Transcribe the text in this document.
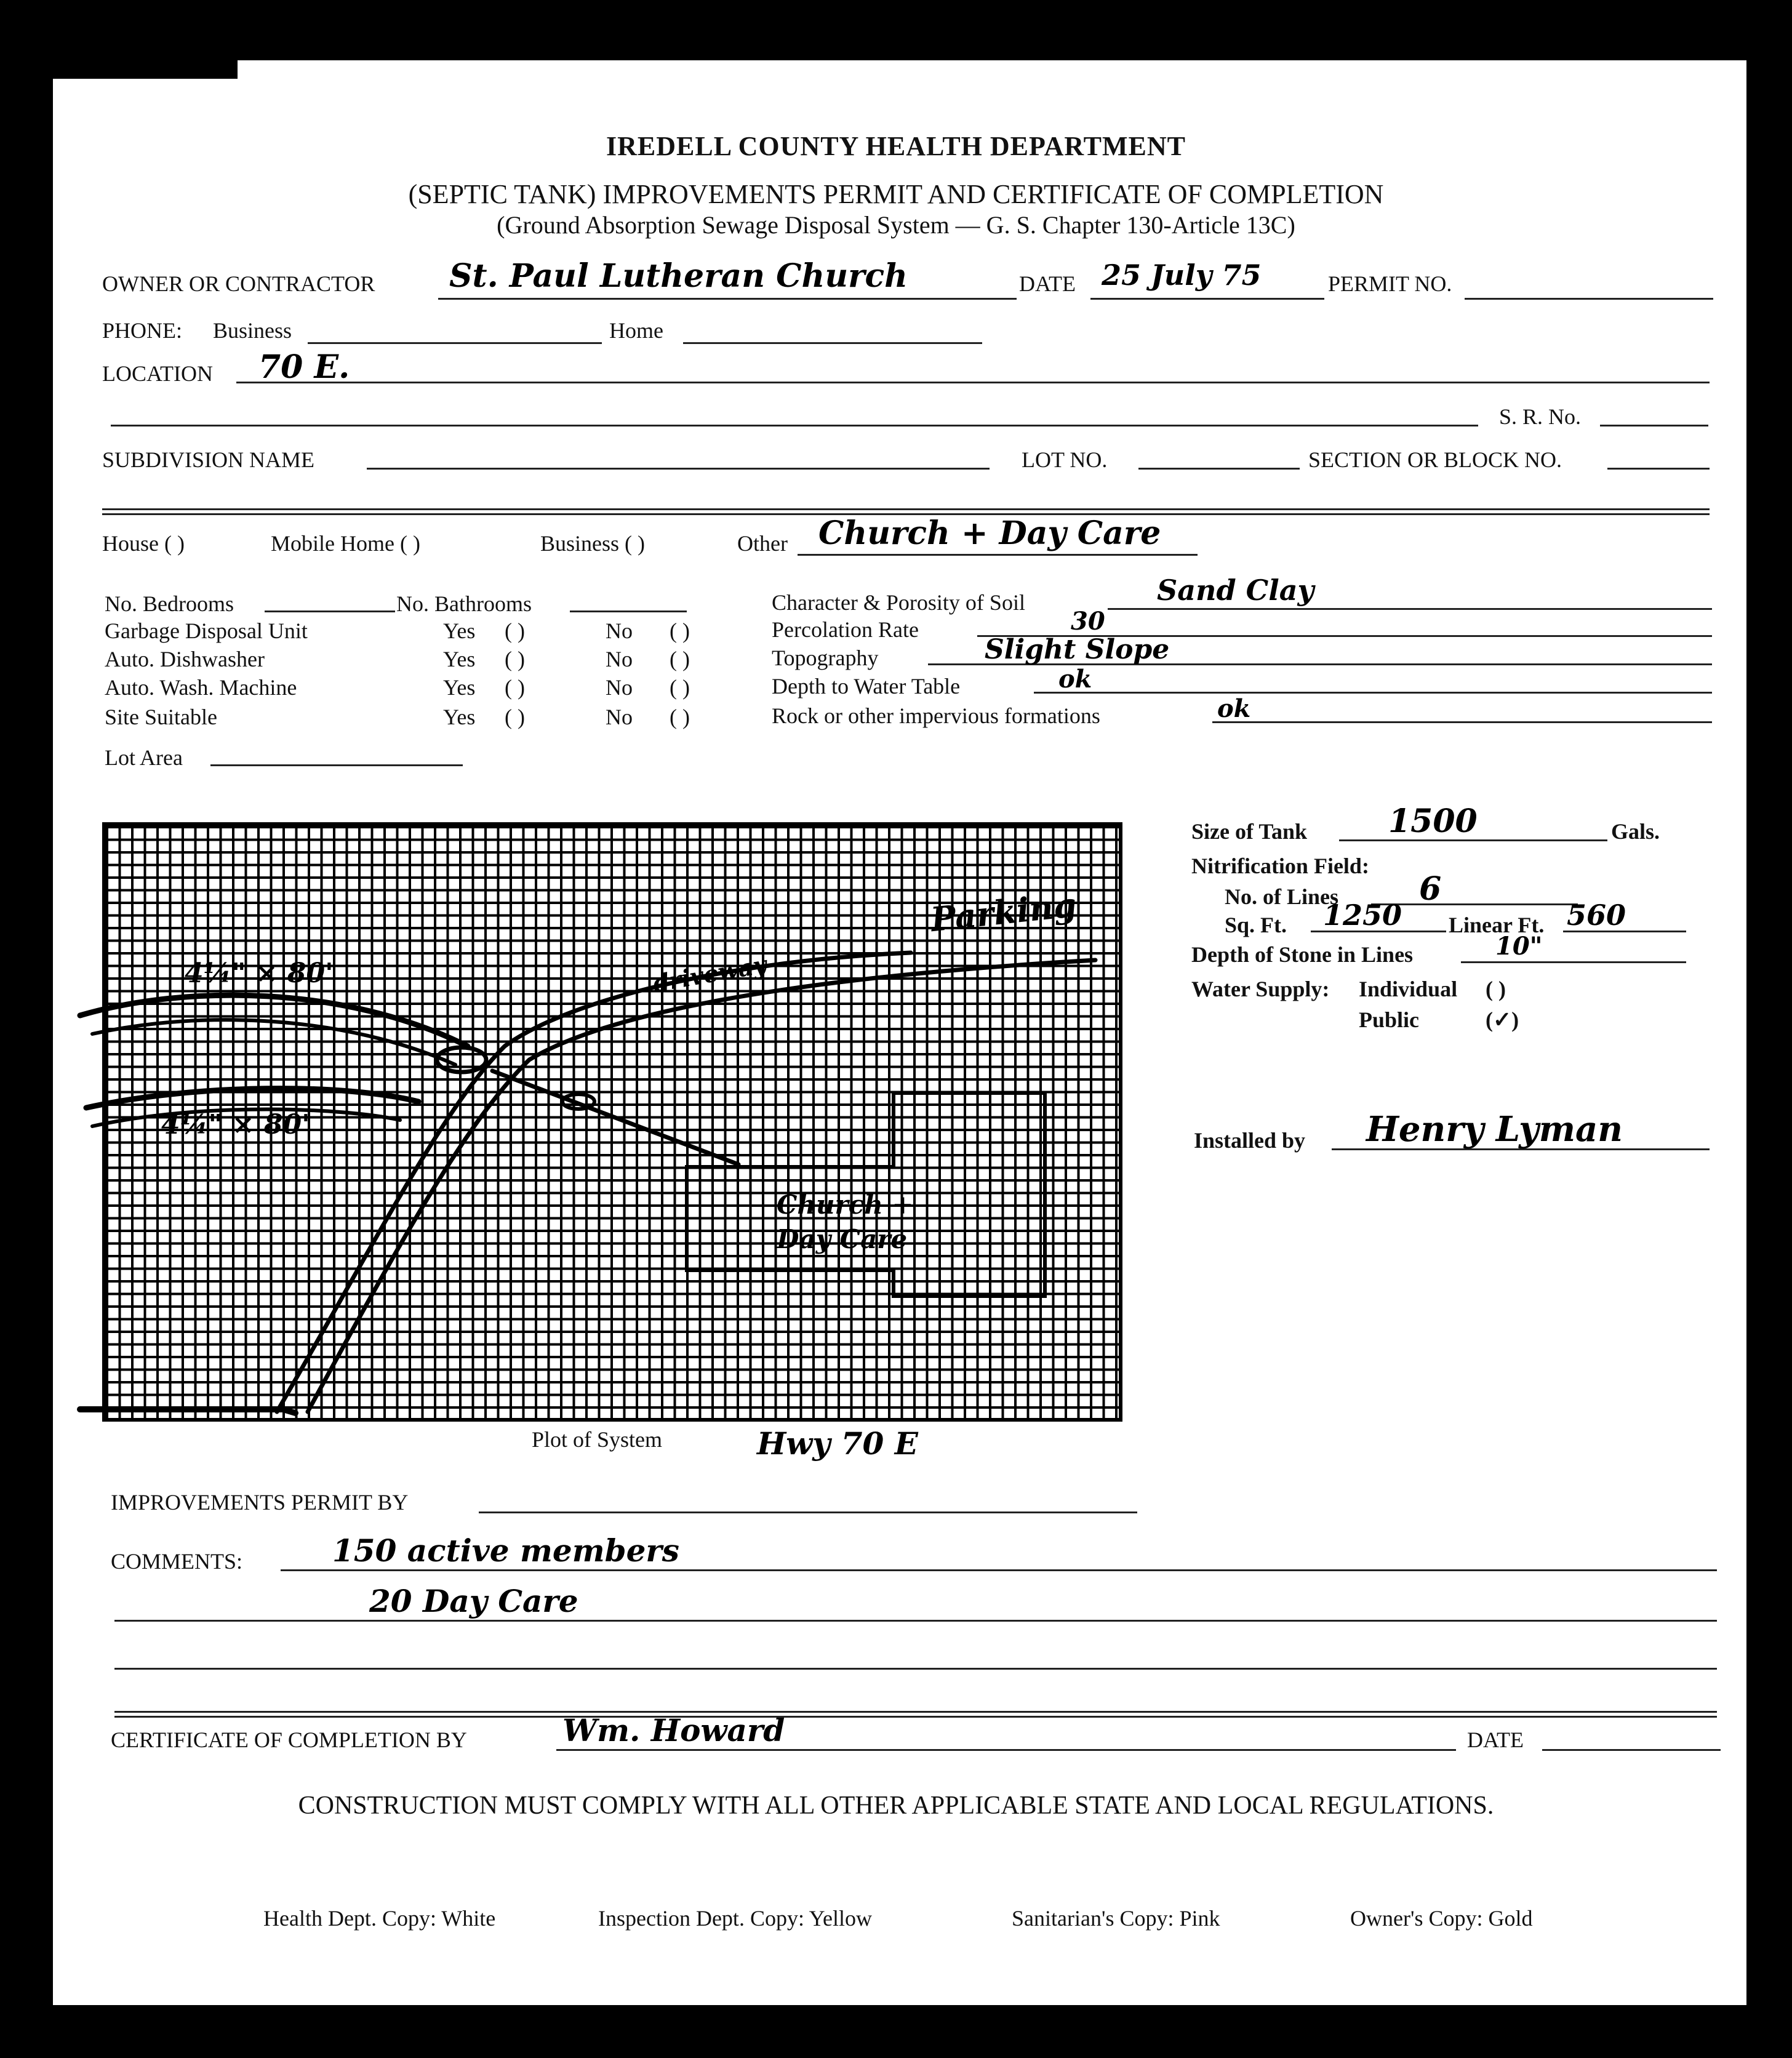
IREDELL COUNTY HEALTH DEPARTMENT
(SEPTIC TANK) IMPROVEMENTS PERMIT AND CERTIFICATE OF COMPLETION
(Ground Absorption Sewage Disposal System — G. S. Chapter 130-Article 13C)
OWNER OR CONTRACTOR St. Paul Lutheran Church	DATE 25 July 75	PERMIT NO.
PHONE: Business	Home
LOCATION 70 E.
S. R. No.
SUBDIVISION NAME	LOT NO.	SECTION OR BLOCK NO.
House ( )	Mobile Home ( )	Business ( )	Other Church + Day Care
No. Bedrooms	No. Bathrooms
Garbage Disposal Unit	Yes ( )	No ( )
Auto. Dishwasher	Yes ( )	No ( )
Auto. Wash. Machine	Yes ( )	No ( )
Site Suitable	Yes ( )	No ( )
Lot Area
Character & Porosity of Soil	Sand Clay
Percolation Rate	30
Topography	Slight Slope
Depth to Water Table	ok
Rock or other impervious formations	ok
4¼" × 80'
4¼" × 80'
driveway
Parking
Church + Day Care
Plot of System	Hwy 70 E
Size of Tank	1500	Gals.
Nitrification Field:
No. of Lines	6
Sq. Ft. 1250 Linear Ft. 560
Depth of Stone in Lines	10"
Water Supply: Individual ( )
Public	(✓)
Installed by Henry Lyman
IMPROVEMENTS PERMIT BY
COMMENTS:	150 active members
20 Day Care
CERTIFICATE OF COMPLETION BY	Wm. Howard	DATE
CONSTRUCTION MUST COMPLY WITH ALL OTHER APPLICABLE STATE AND LOCAL REGULATIONS.
Health Dept. Copy: White	Inspection Dept. Copy: Yellow	Sanitarian's Copy: Pink	Owner's Copy: Gold
